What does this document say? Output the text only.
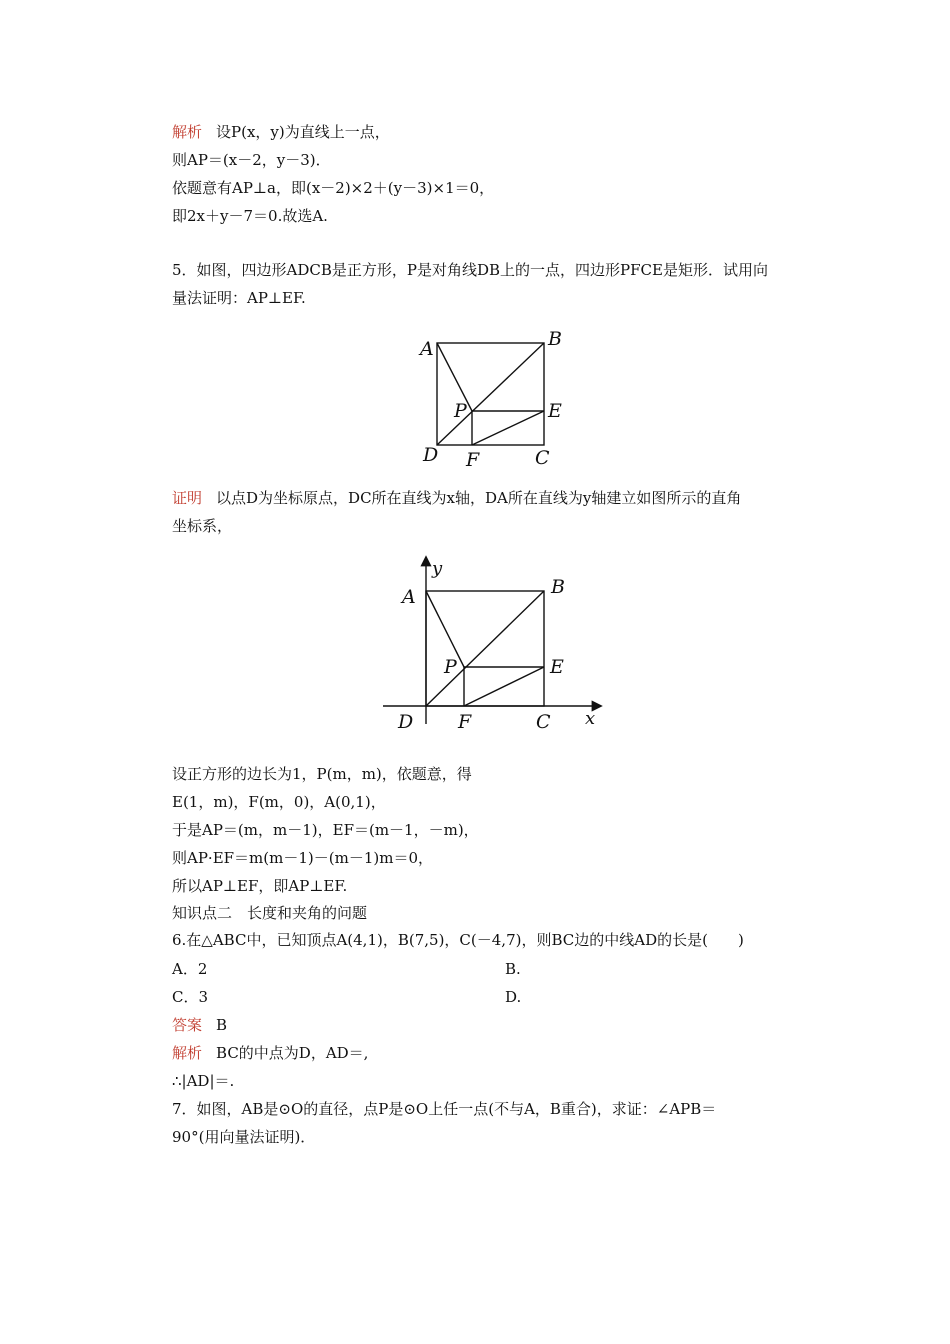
解析 设P(x，y)为直线上一点，
则AP＝(x－2，y－3)．
依题意有AP⊥a，即(x－2)×2＋(y－3)×1＝0，
即2x＋y－7＝0.故选A.
5．如图，四边形ADCB是正方形，P是对角线DB上的一点，四边形PFCE是矩形．试用向
量法证明：AP⊥EF.
A	B
P	E
D F	C
证明 以点D为坐标原点，DC所在直线为x轴，DA所在直线为y轴建立如图所示的直角
坐标系，
y
x
A	B
P	E
D F	C
设正方形的边长为1，P(m，m)，依题意，得
E(1，m)，F(m，0)，A(0,1)，
于是AP＝(m，m－1)，EF＝(m－1，－m)，
则AP·EF＝m(m－1)－(m－1)m＝0，
所以AP⊥EF，即AP⊥EF.
知识点二　长度和夹角的问题
6.在△ABC中，已知顶点A(4,1)，B(7,5)，C(－4,7)，则BC边的中线AD的长是(　　)
A．2	B.
C．3	D.
答案 B
解析 BC的中点为D，AD＝,
∴|AD|＝.
7．如图，AB是⊙O的直径，点P是⊙O上任一点(不与A，B重合)，求证：∠APB＝
90°(用向量法证明)．
